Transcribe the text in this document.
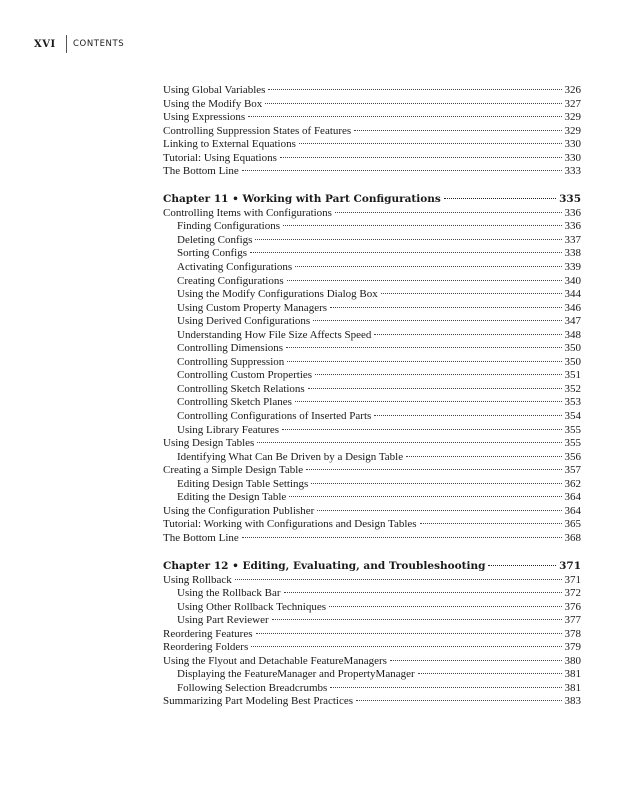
XVI	CONTENTS
Using Global Variables	326
Using the Modify Box	327
Using Expressions	329
Controlling Suppression States of Features	329
Linking to External Equations	330
Tutorial: Using Equations	330
The Bottom Line	333
Chapter 11 • Working with Part Configurations	335
Controlling Items with Configurations	336
Finding Configurations	336
Deleting Configs	337
Sorting Configs	338
Activating Configurations	339
Creating Configurations	340
Using the Modify Configurations Dialog Box	344
Using Custom Property Managers	346
Using Derived Configurations	347
Understanding How File Size Affects Speed	348
Controlling Dimensions	350
Controlling Suppression	350
Controlling Custom Properties	351
Controlling Sketch Relations	352
Controlling Sketch Planes	353
Controlling Configurations of Inserted Parts	354
Using Library Features	355
Using Design Tables	355
Identifying What Can Be Driven by a Design Table	356
Creating a Simple Design Table	357
Editing Design Table Settings	362
Editing the Design Table	364
Using the Configuration Publisher	364
Tutorial: Working with Configurations and Design Tables	365
The Bottom Line	368
Chapter 12 • Editing, Evaluating, and Troubleshooting	371
Using Rollback	371
Using the Rollback Bar	372
Using Other Rollback Techniques	376
Using Part Reviewer	377
Reordering Features	378
Reordering Folders	379
Using the Flyout and Detachable FeatureManagers	380
Displaying the FeatureManager and PropertyManager	381
Following Selection Breadcrumbs	381
Summarizing Part Modeling Best Practices	383
